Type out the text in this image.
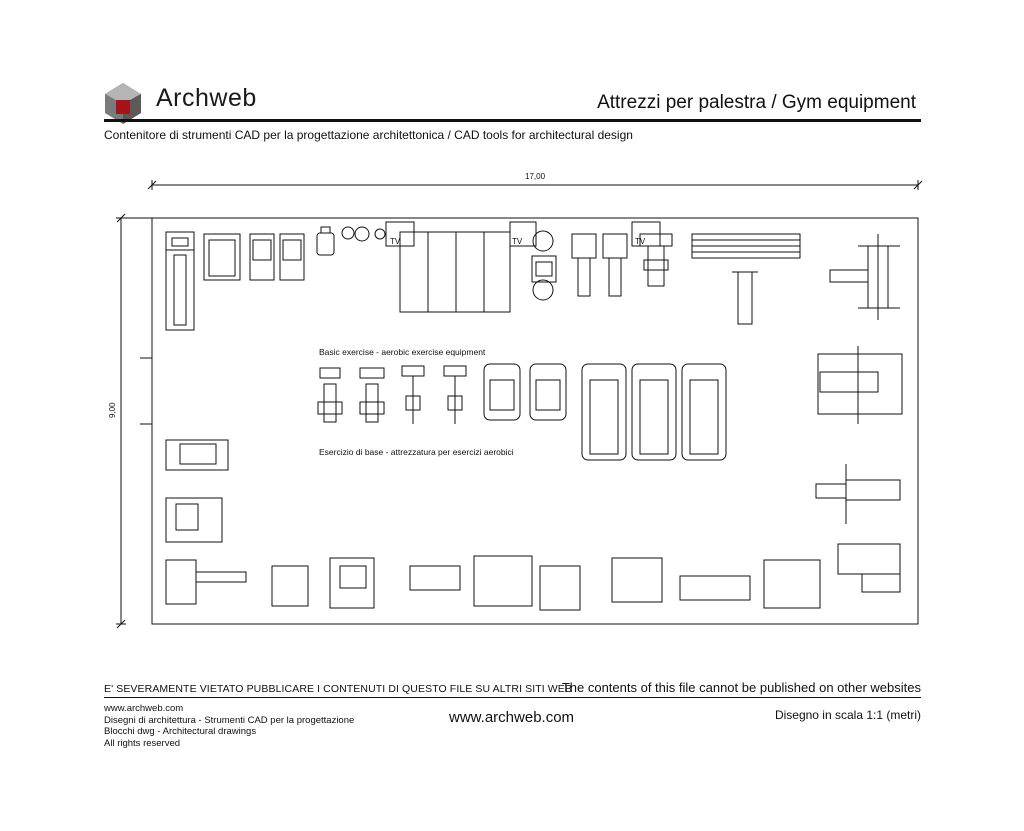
Archweb	Attrezzi per palestra / Gym equipment
Contenitore di strumenti CAD per la progettazione architettonica / CAD tools for architectural design
TV	TV	TV
17,00
9,00
Basic exercise - aerobic exercise equipment
Esercizio di base - attrezzatura per esercizi aerobici
E' SEVERAMENTE VIETATO PUBBLICARE I CONTENUTI DI QUESTO FILE SU ALTRI SITI WEB
The contents of this file cannot be published on other websites
www.archweb.com
Disegni di architettura - Strumenti CAD per la progettazione
Blocchi dwg - Architectural drawings
All rights reserved
www.archweb.com	Disegno in scala 1:1 (metri)
